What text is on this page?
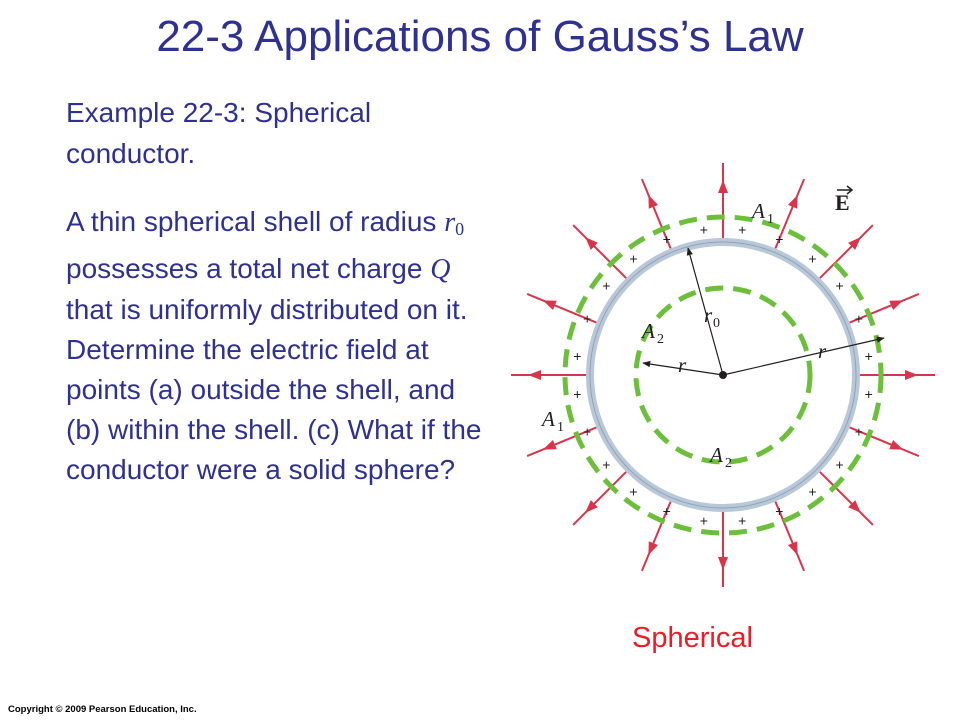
22-3 Applications of Gauss’s Law

Example 22-3: Spherical conductor.

A thin spherical shell of radius $r_0$ possesses a total net charge Q that is uniformly distributed on it. Determine the electric field at points (a) outside the shell, and (b) within the shell. (c) What if the conductor were a solid sphere?

+
+
+
+
+
+
+
+
+
+
+
+
+
+
+
+
+
+ +
+
+
+
+
+
E
A 1
A 1
A 2
A 2
r 0
r
r
Spherical
Copyright © 2009 Pearson Education, Inc.
